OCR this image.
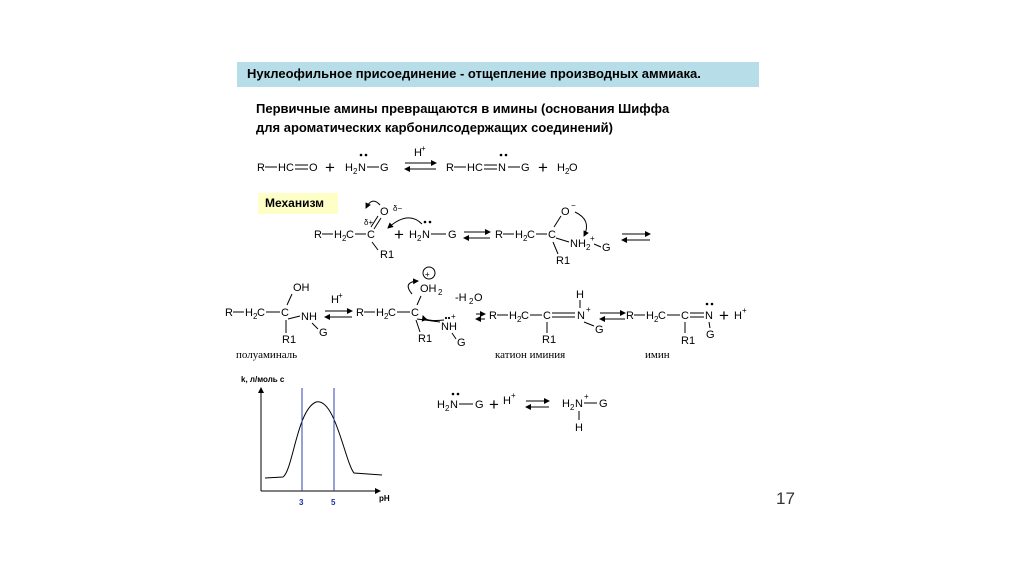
Нуклеофильное присоединение - отщепление производных аммиака.
Первичные амины превращаются в имины (основания Шиффа
для ароматических карбонилсодержащих соединений)
Механизм
R HC O + H 2 N G
H +
R HC N G + H 2 O
R H 2 C C
O
δ+
δ−
R1
+ H 2 N G	R H 2 C C
O
−
NH 2
+
G
R1
R H 2 C C
OH
NH
G
R1
H +
R H 2 C C
OH 2
+
-H 2 O
NH
+
G
R1
R H 2 C C N
+
H
G
R1
R H 2 C C N
G
R1
+ H +
полуаминаль	катион иминия	имин
H 2 N G + H +
H 2 N
+
G
H
k, л/моль с
pH
3	5	17
